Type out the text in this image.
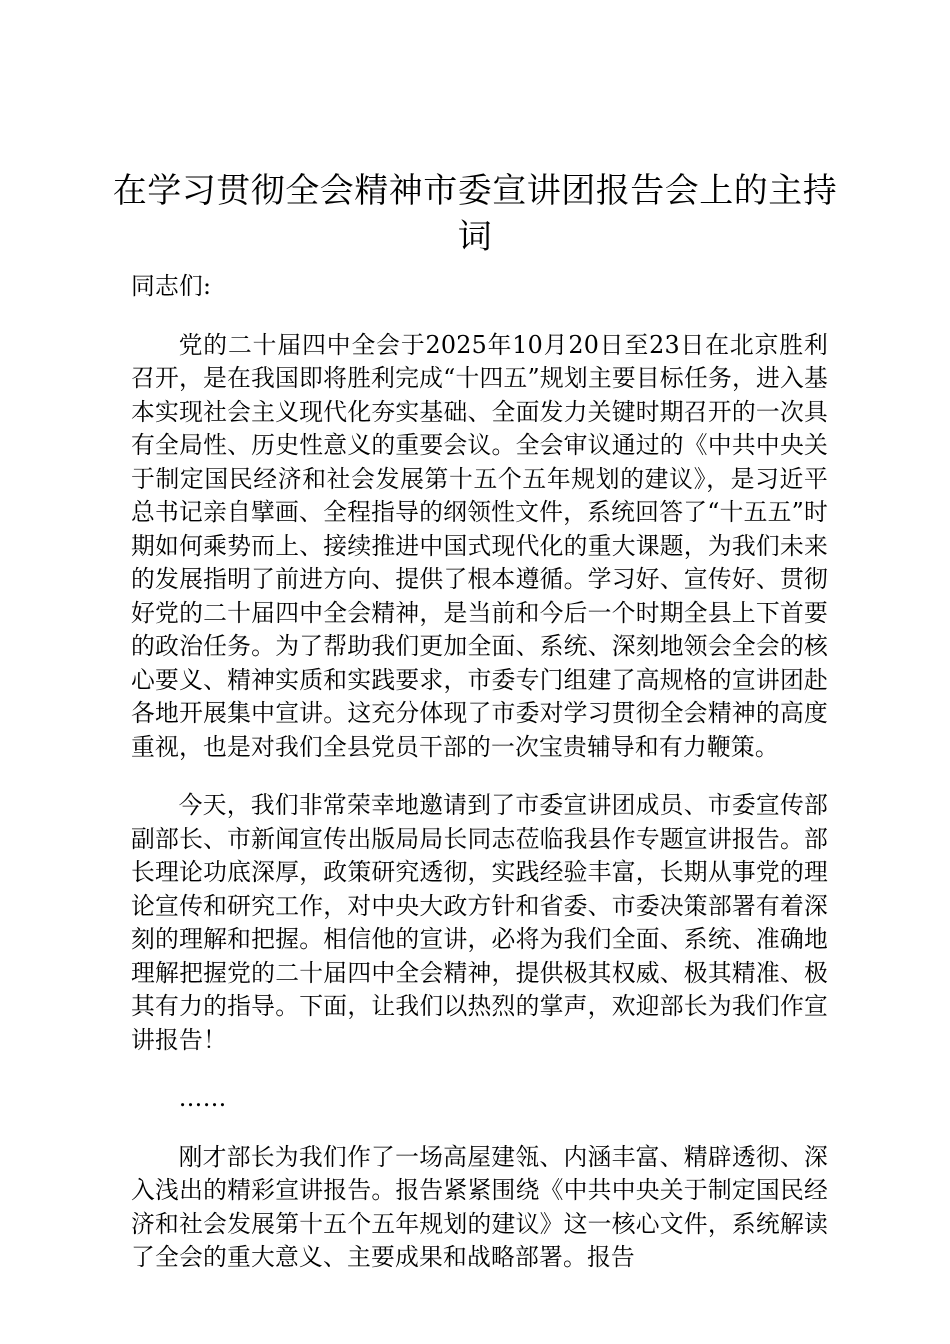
在学习贯彻全会精神市委宣讲团报告会上的主持词

同志们:

党的二十届四中全会于2025年10月20日至23日在北京胜利召开，是在我国即将胜利完成“十四五”规划主要目标任务，进入基本实现社会主义现代化夯实基础、全面发力关键时期召开的一次具有全局性、历史性意义的重要会议。全会审议通过的《中共中央关于制定国民经济和社会发展第十五个五年规划的建议》，是习近平总书记亲自擘画、全程指导的纲领性文件，系统回答了“十五五”时期如何乘势而上、接续推进中国式现代化的重大课题，为我们未来的发展指明了前进方向、提供了根本遵循。学习好、宣传好、贯彻好党的二十届四中全会精神，是当前和今后一个时期全县上下首要的政治任务。为了帮助我们更加全面、系统、深刻地领会全会的核心要义、精神实质和实践要求，市委专门组建了高规格的宣讲团赴各地开展集中宣讲。这充分体现了市委对学习贯彻全会精神的高度重视，也是对我们全县党员干部的一次宝贵辅导和有力鞭策。

今天，我们非常荣幸地邀请到了市委宣讲团成员、市委宣传部副部长、市新闻宣传出版局局长同志莅临我县作专题宣讲报告。部长理论功底深厚，政策研究透彻，实践经验丰富，长期从事党的理论宣传和研究工作，对中央大政方针和省委、市委决策部署有着深刻的理解和把握。相信他的宣讲，必将为我们全面、系统、准确地理解把握党的二十届四中全会精神，提供极其权威、极其精准、极其有力的指导。下面，让我们以热烈的掌声，欢迎部长为我们作宣讲报告！

……

刚才部长为我们作了一场高屋建瓴、内涵丰富、精辟透彻、深入浅出的精彩宣讲报告。报告紧紧围绕《中共中央关于制定国民经济和社会发展第十五个五年规划的建议》这一核心文件，系统解读了全会的重大意义、主要成果和战略部署。报告
